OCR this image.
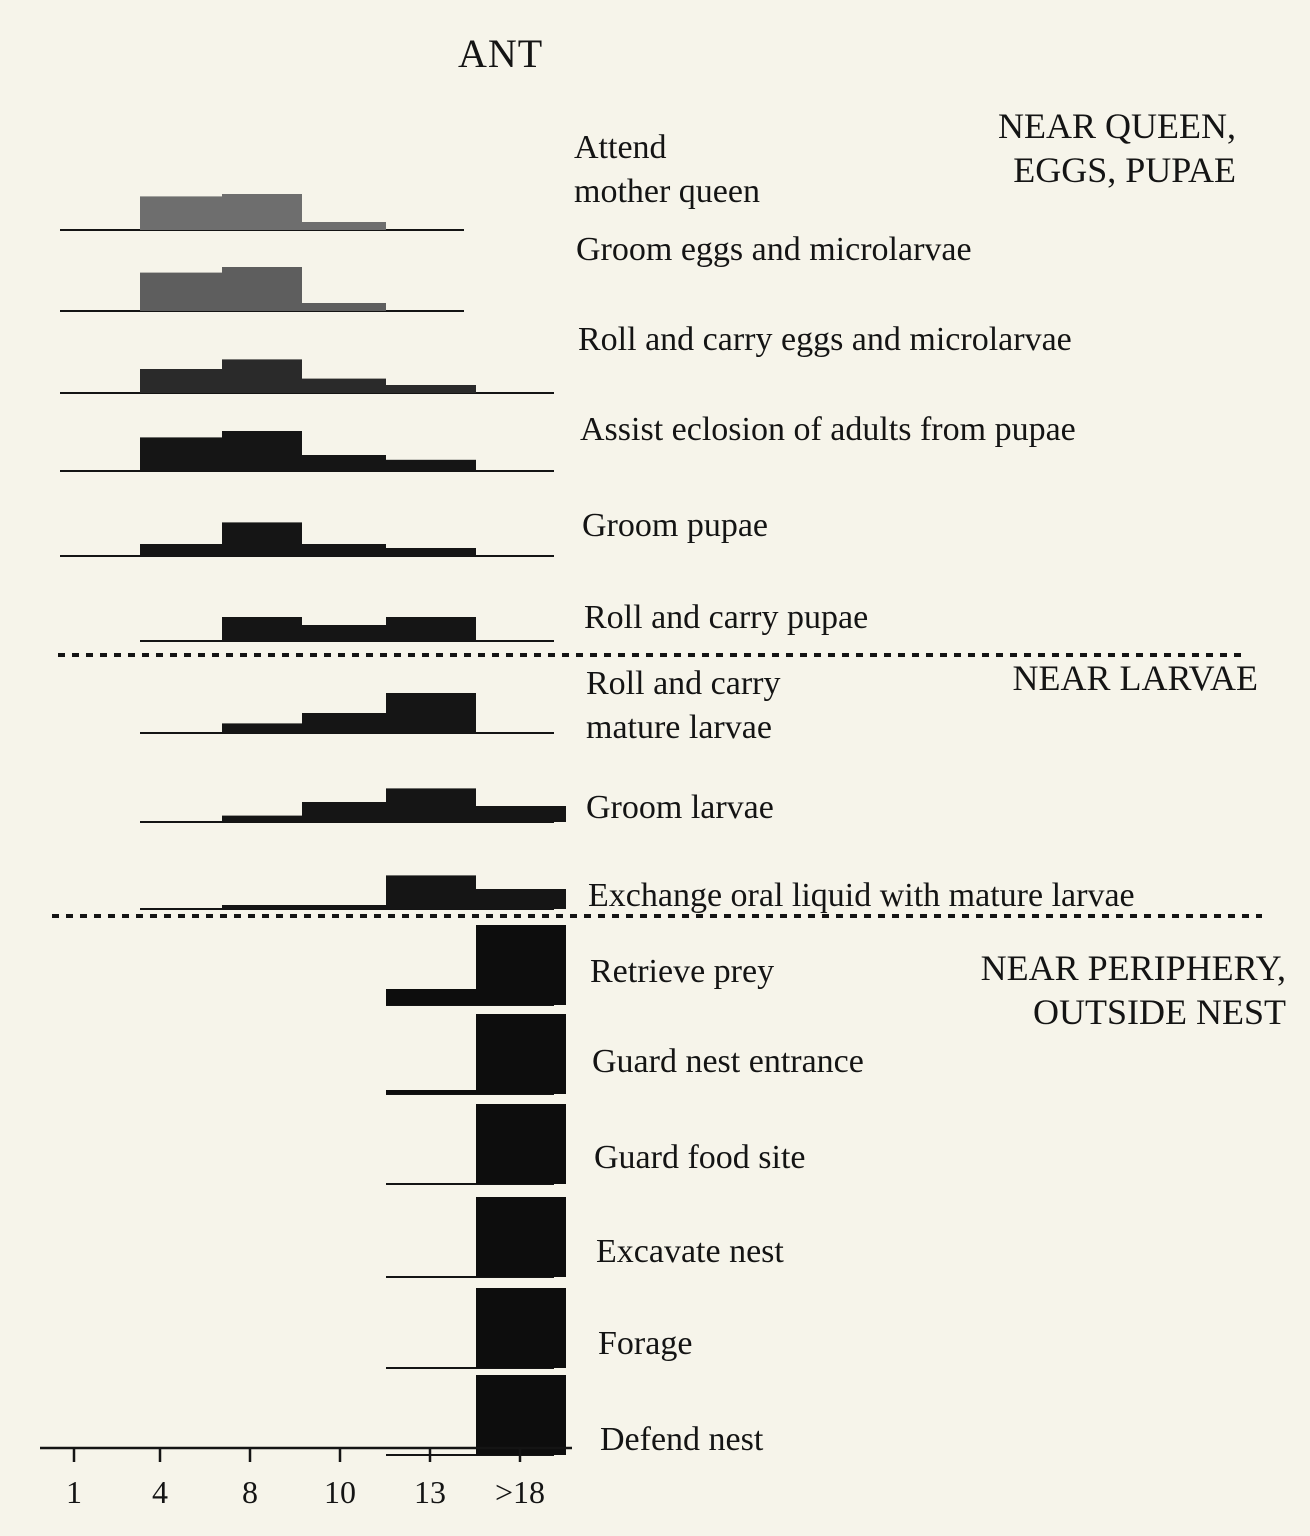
ANT
Attend
mother queen
Groom eggs and microlarvae
Roll and carry eggs and microlarvae
Assist eclosion of adults from pupae
Groom pupae
Roll and carry pupae
Roll and carry
mature larvae
Groom larvae
Exchange oral liquid with mature larvae
Retrieve prey
Guard nest entrance
Guard food site
Excavate nest
Forage
Defend nest
NEAR QUEEN,
EGGS, PUPAE
NEAR LARVAE
NEAR PERIPHERY,
OUTSIDE NEST
1	4	8	10	13	>18
